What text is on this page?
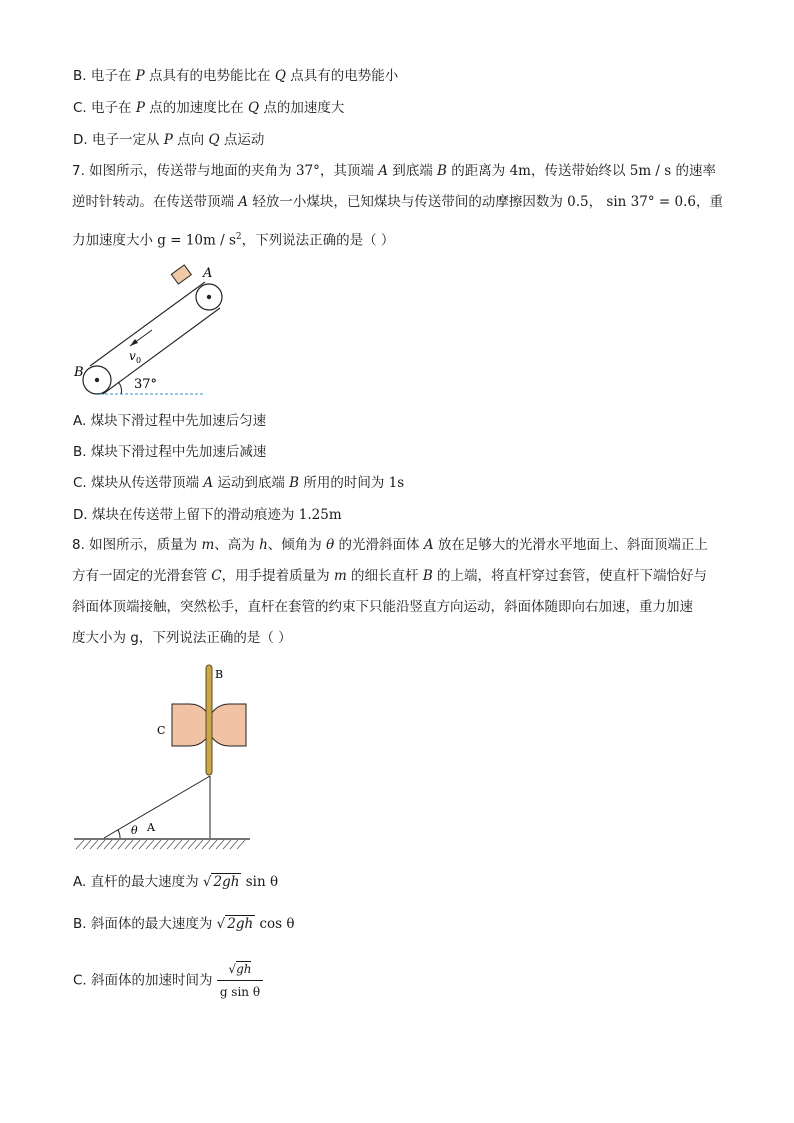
B. 电子在 P 点具有的电势能比在 Q 点具有的电势能小
C. 电子在 P 点的加速度比在 Q 点的加速度大
D. 电子一定从 P 点向 Q 点运动
7. 如图所示，传送带与地面的夹角为 37°，其顶端 A 到底端 B 的距离为 4m，传送带始终以 5m / s 的速率
逆时针转动。在传送带顶端 A 轻放一小煤块，已知煤块与传送带间的动摩擦因数为 0.5， sin 37° = 0.6，重
力加速度大小 $g = 10m / s^2$，下列说法正确的是（ ）
v 0
A
B
37°
A. 煤块下滑过程中先加速后匀速
B. 煤块下滑过程中先加速后减速
C. 煤块从传送带顶端 A 运动到底端 B 所用的时间为 1s
D. 煤块在传送带上留下的滑动痕迹为 1.25m
8. 如图所示，质量为 m、高为 h、倾角为 θ 的光滑斜面体 A 放在足够大的光滑水平地面上、斜面顶端正上
方有一固定的光滑套管 C，用手提着质量为 m 的细长直杆 B 的上端，将直杆穿过套管，使直杆下端恰好与
斜面体顶端接触，突然松手，直杆在套管的约束下只能沿竖直方向运动，斜面体随即向右加速，重力加速
度大小为 g，下列说法正确的是（ ）
B
C
θ A
A. 直杆的最大速度为 √ 2gh sin θ
B. 斜面体的最大速度为 √ 2gh cos θ
C. 斜面体的加速时间为 $\frac{√gh}{\text{g sin θ}}$
